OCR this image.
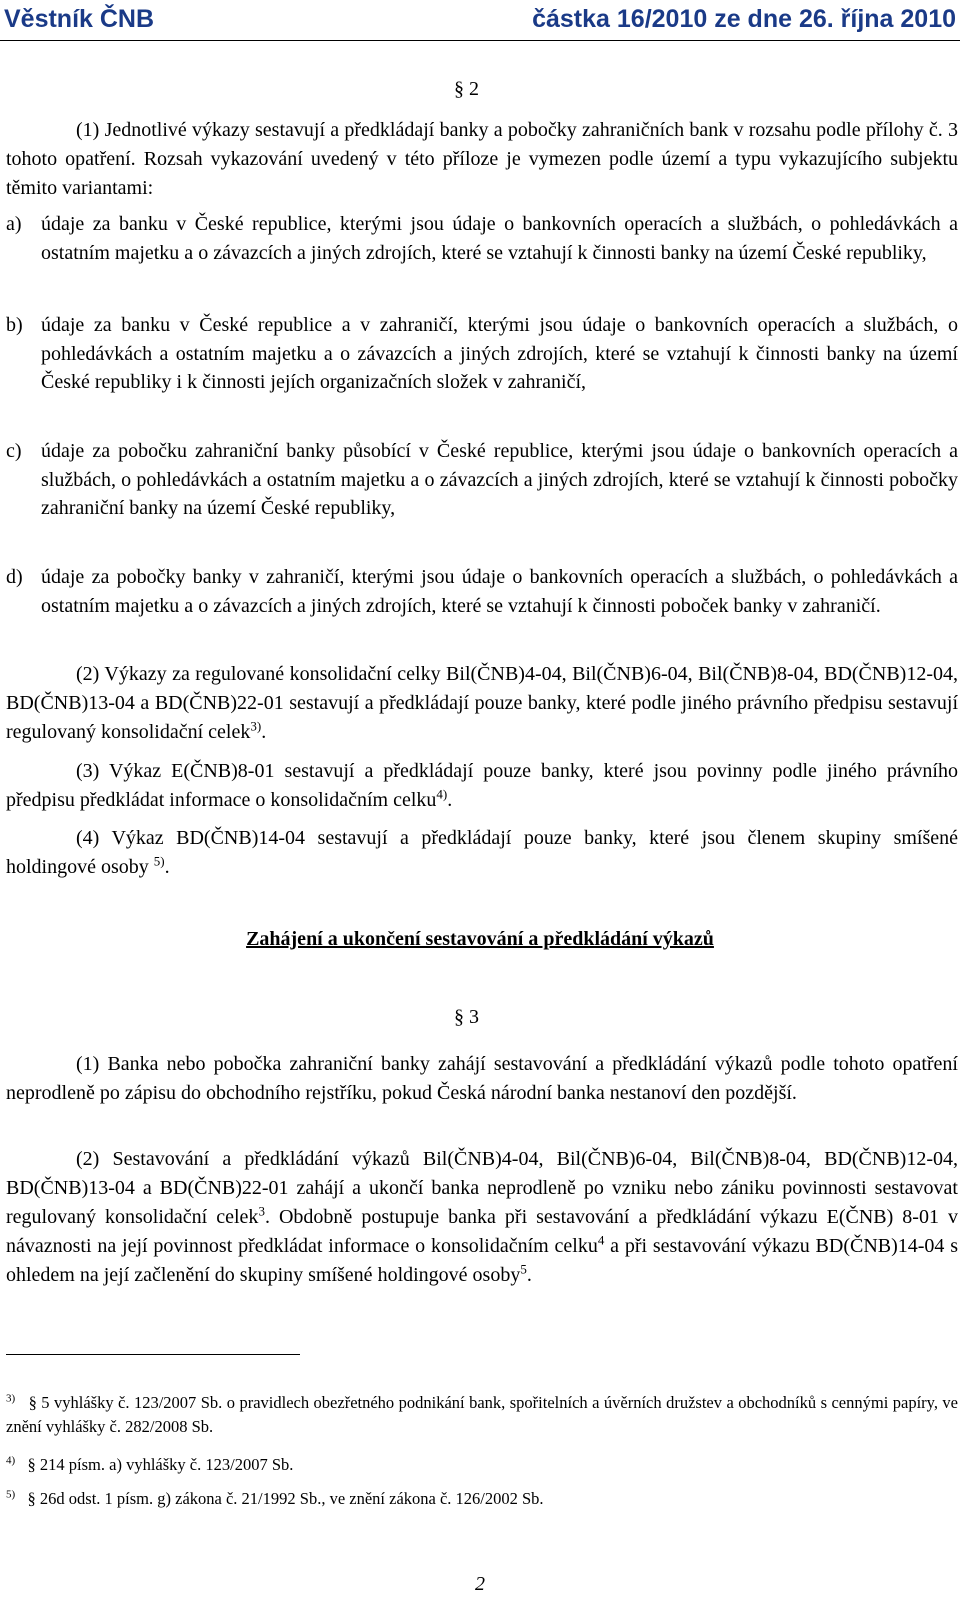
Věstník ČNB	částka 16/2010 ze dne 26. října 2010
§ 2

(1) Jednotlivé výkazy sestavují a předkládají banky a pobočky zahraničních bank v rozsahu podle přílohy č. 3 tohoto opatření. Rozsah vykazování uvedený v této příloze je vymezen podle území a typu vykazujícího subjektu těmito variantami:

a) údaje za banku v České republice, kterými jsou údaje o bankovních operacích a službách, o pohledávkách a ostatním majetku a o závazcích a jiných zdrojích, které se vztahují k činnosti banky na území České republiky,
b) údaje za banku v České republice a v zahraničí, kterými jsou údaje o bankovních operacích a službách, o pohledávkách a ostatním majetku a o závazcích a jiných zdrojích, které se vztahují k činnosti banky na území České republiky i k činnosti jejích organizačních složek v zahraničí,
c) údaje za pobočku zahraniční banky působící v České republice, kterými jsou údaje o bankovních operacích a službách, o pohledávkách a ostatním majetku a o závazcích a jiných zdrojích, které se vztahují k činnosti pobočky zahraniční banky na území České republiky,
d) údaje za pobočky banky v zahraničí, kterými jsou údaje o bankovních operacích a službách, o pohledávkách a ostatním majetku a o závazcích a jiných zdrojích, které se vztahují k činnosti poboček banky v zahraničí.

(2) Výkazy za regulované konsolidační celky Bil(ČNB)4-04, Bil(ČNB)6-04, Bil(ČNB)8-04, BD(ČNB)12-04, BD(ČNB)13-04 a BD(ČNB)22-01 sestavují a předkládají pouze banky, které podle jiného právního předpisu sestavují regulovaný konsolidační celek$^{3)}$.

(3) Výkaz E(ČNB)8-01 sestavují a předkládají pouze banky, které jsou povinny podle jiného právního předpisu předkládat informace o konsolidačním celku$^{4)}$.

(4) Výkaz BD(ČNB)14-04 sestavují a předkládají pouze banky, které jsou členem skupiny smíšené holdingové osoby $^{5)}$.

Zahájení a ukončení sestavování a předkládání výkazů
§ 3

(1) Banka nebo pobočka zahraniční banky zahájí sestavování a předkládání výkazů podle tohoto opatření neprodleně po zápisu do obchodního rejstříku, pokud Česká národní banka nestanoví den pozdější.

(2) Sestavování a předkládání výkazů Bil(ČNB)4-04, Bil(ČNB)6-04, Bil(ČNB)8-04, BD(ČNB)12-04, BD(ČNB)13-04 a BD(ČNB)22-01 zahájí a ukončí banka neprodleně po vzniku nebo zániku povinnosti sestavovat regulovaný konsolidační celek$^3$. Obdobně postupuje banka při sestavování a předkládání výkazu E(ČNB) 8-01 v návaznosti na její povinnost předkládat informace o konsolidačním celku$^4$ a při sestavování výkazu BD(ČNB)14-04 s ohledem na její začlenění do skupiny smíšené holdingové osoby$^5$.

$^{3)}$ § 5 vyhlášky č. 123/2007 Sb. o pravidlech obezřetného podnikání bank, spořitelních a úvěrních družstev a obchodníků s cennými papíry, ve znění vyhlášky č. 282/2008 Sb.
$^{4)}$ § 214 písm. a) vyhlášky č. 123/2007 Sb.
$^{5)}$ § 26d odst. 1 písm. g) zákona č. 21/1992 Sb., ve znění zákona č. 126/2002 Sb.
2
